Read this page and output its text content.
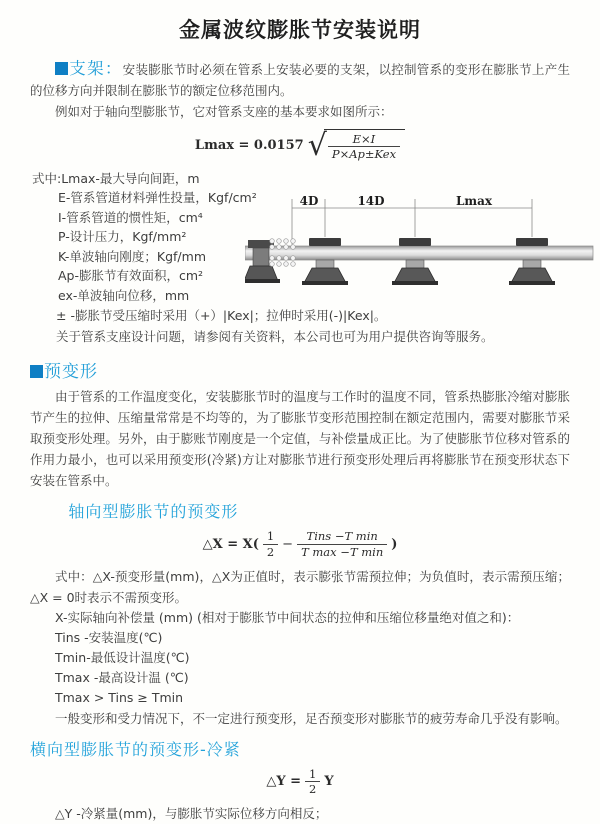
金属波纹膨胀节安装说明

支架：安装膨胀节时必须在管系上安装必要的支架，以控制管系的变形在膨胀节上产生的位移方向并限制在膨胀节的额定位移范围内。

例如对于轴向型膨胀节，它对管系支座的基本要求如图所示：

Lmax = 0.0157 √ $\frac{E\times I}{\text{P×Ap±Kex}}$
式中:Lmax-最大导向间距，m
E-管系管道材料弹性投量，Kgf/cm²
I-管系管道的惯性矩，cm⁴
P-设计压力，Kgf/mm²
K-单波轴向刚度；Kgf/mm
Ap-膨胀节有效面积，cm²
ex-单波轴向位移，mm
± -膨胀节受压缩时采用（+）|Kex|；拉伸时采用(-)|Kex|。
关于管系支座设计问题，请参阅有关资料，本公司也可为用户提供咨询等服务。
4D	14D	Lmax
预变形

由于管系的工作温度变化，安装膨胀节时的温度与工作时的温度不同，管系热膨胀冷缩对膨胀节产生的拉伸、压缩量常常是不均等的，为了膨胀节变形范围控制在额定范围内，需要对膨胀节采取预变形处理。另外，由于膨账节刚度是一个定值，与补偿量成正比。为了使膨胀节位移对管系的作用力最小，也可以采用预变形(冷紧)方让对膨胀节进行预变形处理后再将膨胀节在预变形状态下安装在管系中。

轴向型膨胀节的预变形
△X = $X( \frac{1}{2} - \frac{\text{Tins −T min}}{\text{T max −T min}}$ )

式中：△X-预变形量(mm)，△X为正值时，表示膨张节需预拉伸；为负值时，表示需预压缩；△X = 0时表示不需预变形。

X-实际轴向补偿量 (mm) (相对于膨胀节中间状态的拉伸和压缩位移量绝对值之和)：
Tins -安装温度(℃)
Tmin-最低设计温度(℃)
Tmax -最高设计温 (℃)
Tmax > Tins ≥ Tmin

一般变形和受力情况下，不一定进行预变形，足否预变形对膨胀节的疲劳寿命几乎没有影响。

横向型膨胀节的预变形-冷紧
△Y = $\frac{1}{2}$ Y
△Y -冷紧量(mm)，与膨胀节实际位移方向相反；
